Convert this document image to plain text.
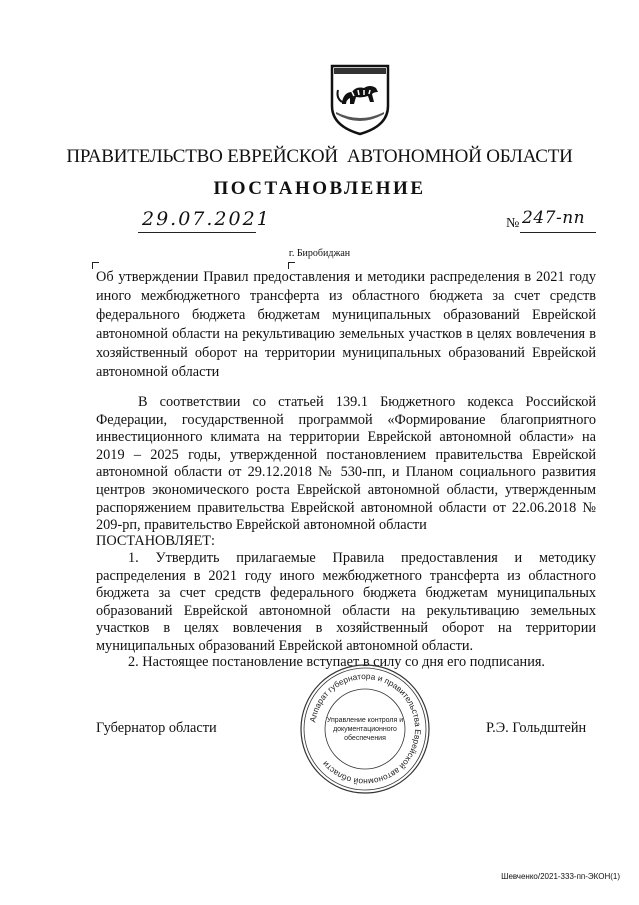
ПРАВИТЕЛЬСТВО ЕВРЕЙСКОЙ  АВТОНОМНОЙ ОБЛАСТИ
ПОСТАНОВЛЕНИЕ
29.07.2021	№ 247-пп
г. Биробиджан
Об утверждении Правил предоставления и методики распределения в 2021 году иного межбюджетного трансферта из областного бюджета за счет средств федерального бюджета бюджетам муниципальных образований Еврейской автономной области на рекультивацию земельных участков в целях вовлечения в хозяйственный оборот на территории муниципальных образований Еврейской автономной области
В соответствии со статьей 139.1 Бюджетного кодекса Российской Федерации, государственной программой «Формирование благоприятного инвестиционного климата на территории Еврейской автономной области» на 2019 – 2025 годы, утвержденной постановлением правительства Еврейской автономной области от 29.12.2018 № 530-пп, и Планом социального развития центров экономического роста Еврейской автономной области, утвержденным распоряжением правительства Еврейской автономной области от 22.06.2018 № 209-рп, правительство Еврейской автономной области
ПОСТАНОВЛЯЕТ:
1. Утвердить прилагаемые Правила предоставления и методику распределения в 2021 году иного межбюджетного трансферта из областного бюджета за счет средств федерального бюджета бюджетам муниципальных образований Еврейской автономной области на рекультивацию земельных участков в целях вовлечения в хозяйственный оборот на территории муниципальных образований Еврейской автономной области.
2. Настоящее постановление вступает в силу со дня его подписания.
Губернатор области	Р.Э. Гольдштейн
Аппарат губернатора и правительства Еврейской автономной области
Управление контроля и
документационного
обеспечения
Шевченко/2021-333-пп-ЭКОН(1)
